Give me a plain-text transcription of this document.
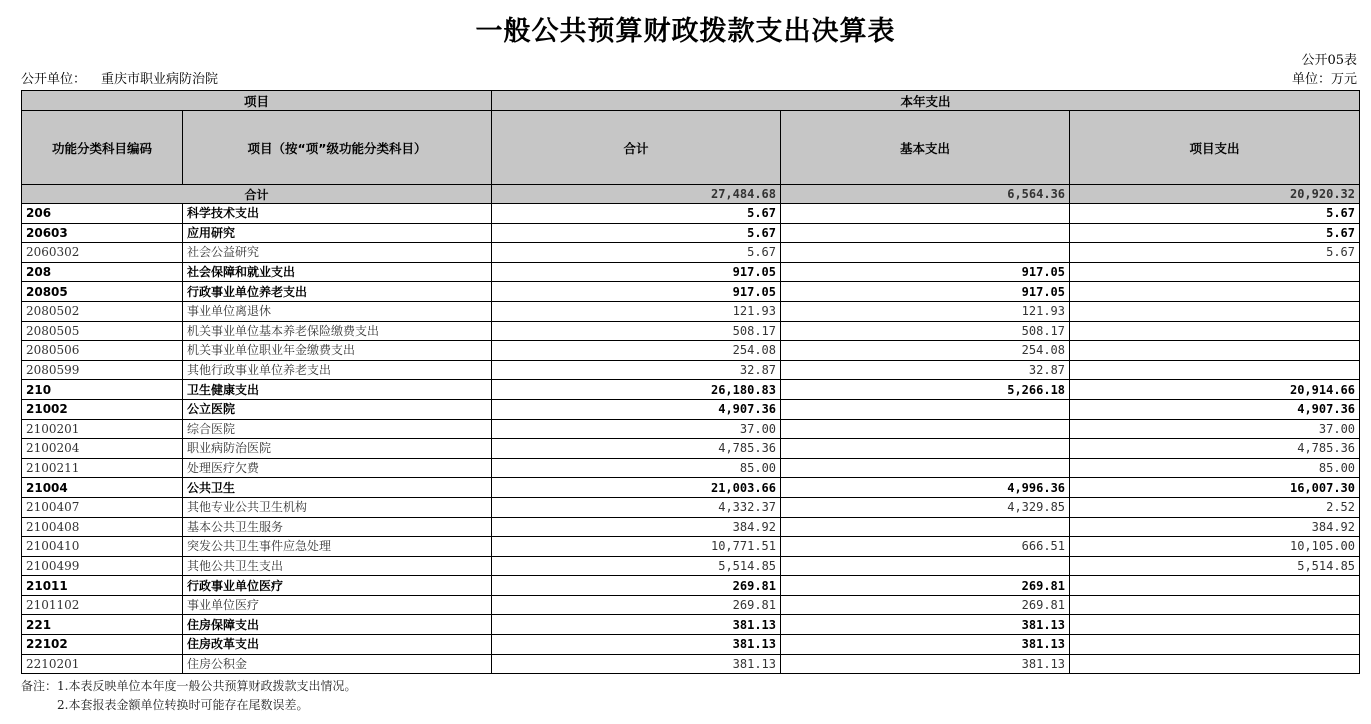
一般公共预算财政拨款支出决算表
公开05表
公开单位： 重庆市职业病防治院	单位：万元
项目		本年支出		
功能分类科目编码	项目（按“项”级功能分类科目）	合计	基本支出	项目支出
合计		27,484.68	6,564.36	20,920.32
206	科学技术支出	5.67		5.67
20603	应用研究	5.67		5.67
2060302	社会公益研究	5.67		5.67
208	社会保障和就业支出	917.05	917.05	
20805	行政事业单位养老支出	917.05	917.05	
2080502	事业单位离退休	121.93	121.93	
2080505	机关事业单位基本养老保险缴费支出	508.17	508.17	
2080506	机关事业单位职业年金缴费支出	254.08	254.08	
2080599	其他行政事业单位养老支出	32.87	32.87	
210	卫生健康支出	26,180.83	5,266.18	20,914.66
21002	公立医院	4,907.36		4,907.36
2100201	综合医院	37.00		37.00
2100204	职业病防治医院	4,785.36		4,785.36
2100211	处理医疗欠费	85.00		85.00
21004	公共卫生	21,003.66	4,996.36	16,007.30
2100407	其他专业公共卫生机构	4,332.37	4,329.85	2.52
2100408	基本公共卫生服务	384.92		384.92
2100410	突发公共卫生事件应急处理	10,771.51	666.51	10,105.00
2100499	其他公共卫生支出	5,514.85		5,514.85
21011	行政事业单位医疗	269.81	269.81	
2101102	事业单位医疗	269.81	269.81	
221	住房保障支出	381.13	381.13	
22102	住房改革支出	381.13	381.13	
2210201	住房公积金	381.13	381.13	
备注：1.本表反映单位本年度一般公共预算财政拨款支出情况。
2.本套报表金额单位转换时可能存在尾数误差。
